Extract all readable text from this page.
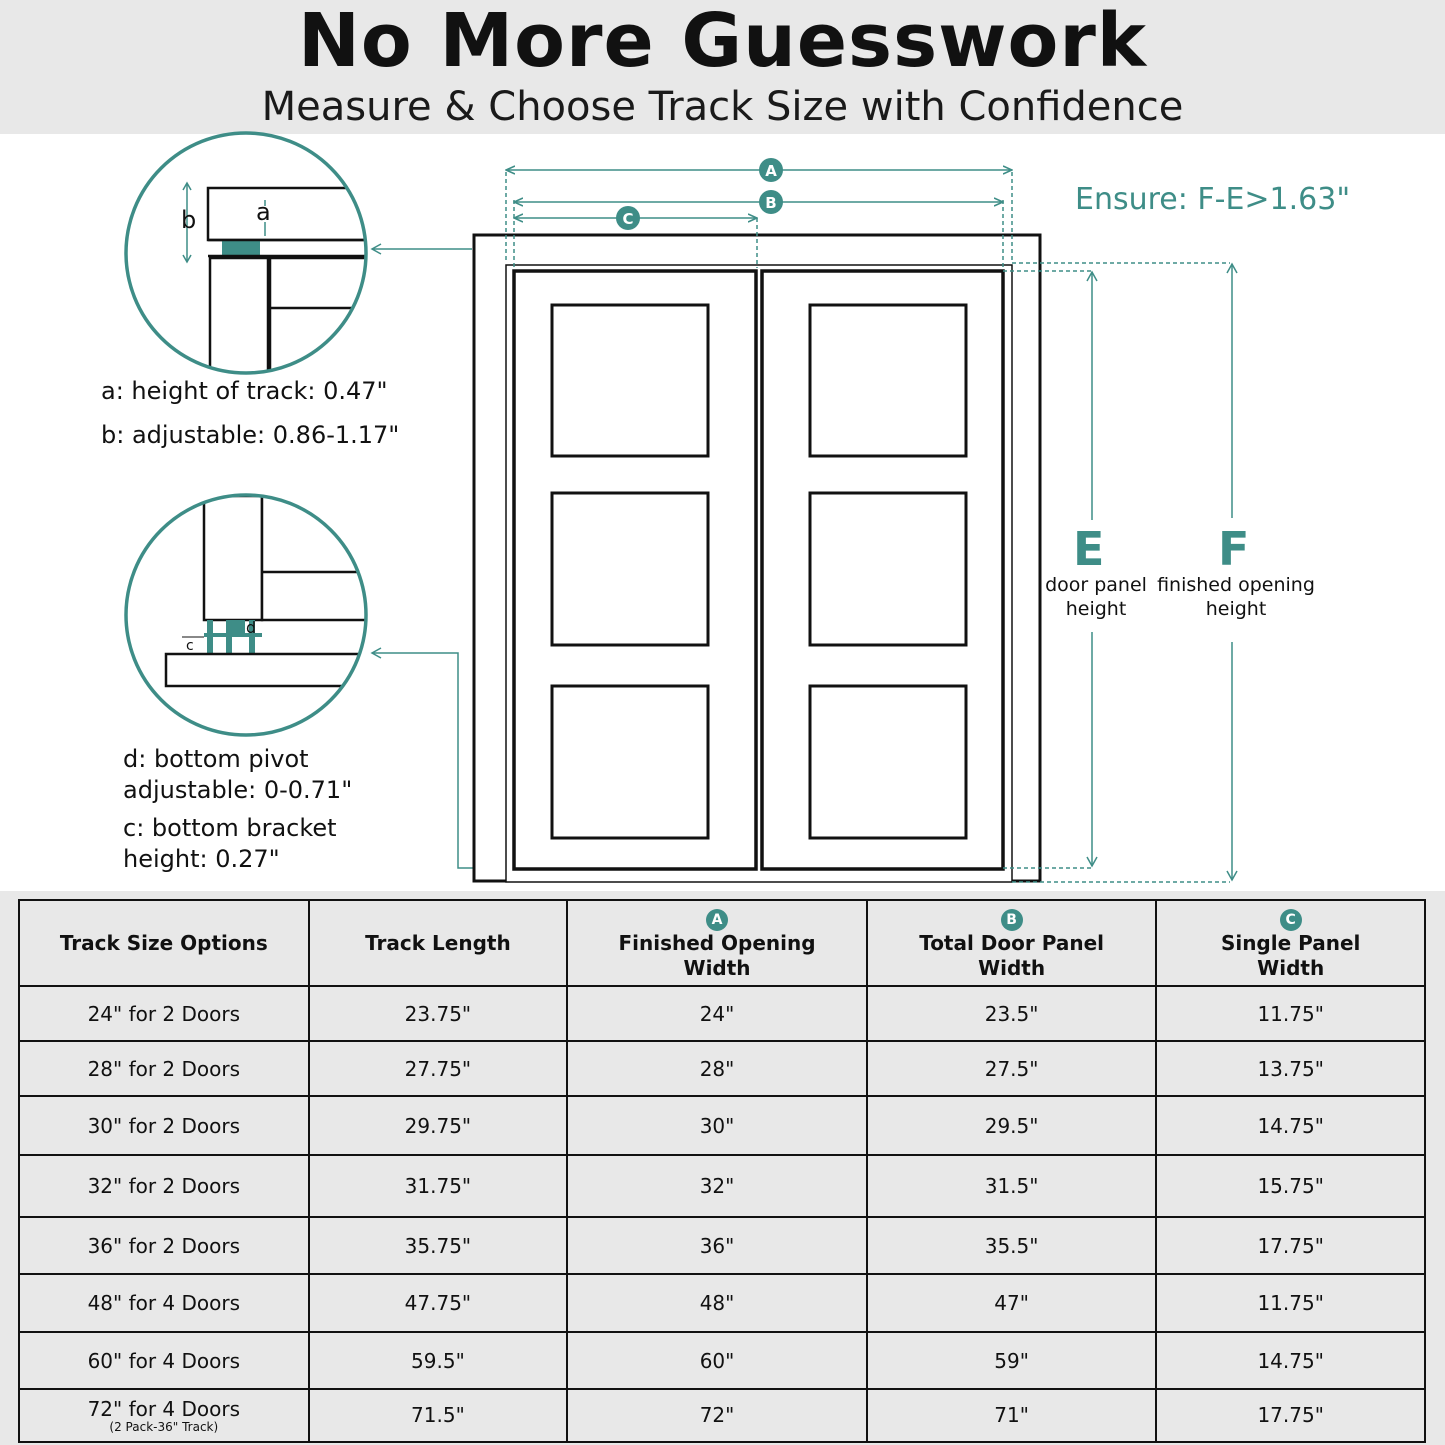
No More Guesswork
Measure & Choose Track Size with Confidence
b a
c
d
A
B
C
Ensure: F-E>1.63"
a: height of track: 0.47"
b: adjustable: 0.86-1.17"
d: bottom pivot
adjustable: 0-0.71"
c: bottom bracket
height: 0.27"
E
door panel
height
F
finished opening
height
Track Size Options	Track Length	A
Finished Opening
Width	B
Total Door Panel
Width	C
Single Panel
Width
24" for 2 Doors	23.75"	24"	23.5"	11.75"
28" for 2 Doors	27.75"	28"	27.5"	13.75"
30" for 2 Doors	29.75"	30"	29.5"	14.75"
32" for 2 Doors	31.75"	32"	31.5"	15.75"
36" for 2 Doors	35.75"	36"	35.5"	17.75"
48" for 4 Doors	47.75"	48"	47"	11.75"
60" for 4 Doors	59.5"	60"	59"	14.75"
72" for 4 Doors
(2 Pack-36" Track)	71.5"	72"	71"	17.75"
